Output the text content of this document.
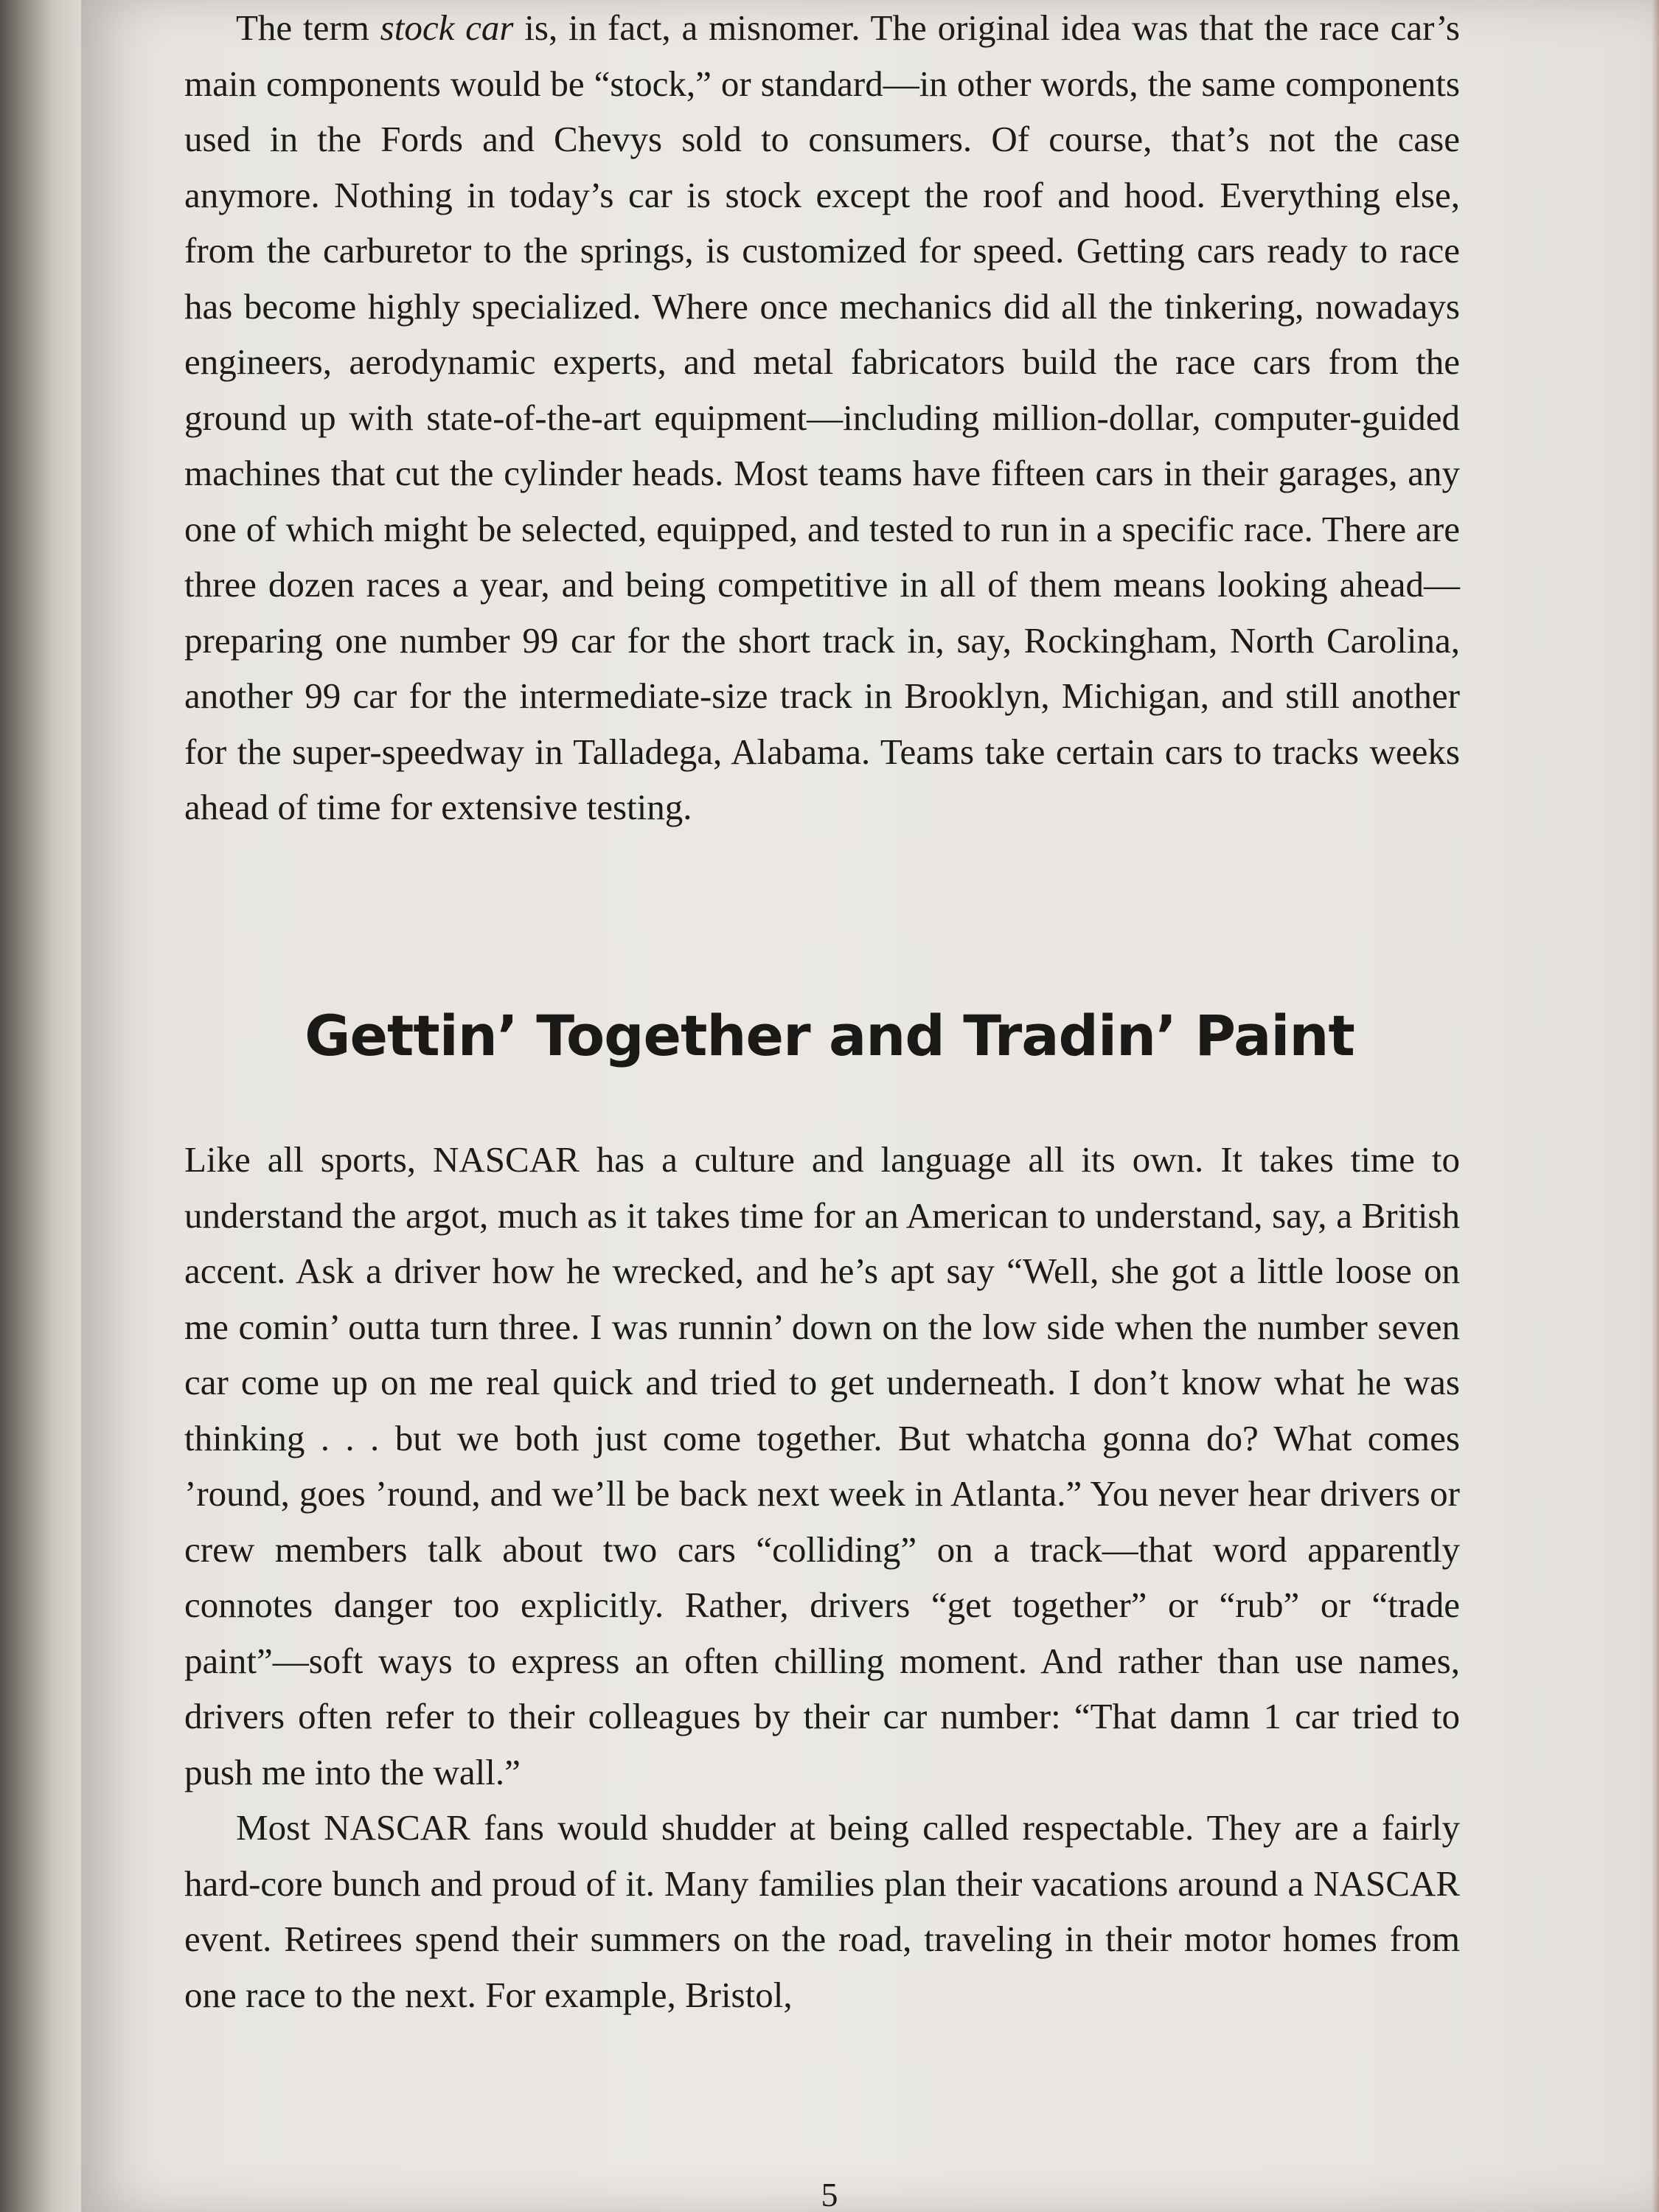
The term stock car is, in fact, a misnomer. The original idea was that the race car’s main components would be “stock,” or standard—in other words, the same components used in the Fords and Chevys sold to consumers. Of course, that’s not the case anymore. Nothing in today’s car is stock except the roof and hood. Everything else, from the carburetor to the springs, is customized for speed. Getting cars ready to race has become highly specialized. Where once mechanics did all the tinkering, nowadays engineers, aerodynamic experts, and metal fabricators build the race cars from the ground up with state-of-the-art equipment—including million-dollar, computer-guided machines that cut the cylinder heads. Most teams have fifteen cars in their garages, any one of which might be selected, equipped, and tested to run in a specific race. There are three dozen races a year, and being competitive in all of them means looking ahead—preparing one number 99 car for the short track in, say, Rockingham, North Carolina, another 99 car for the intermediate-size track in Brooklyn, Michigan, and still another for the super-speedway in Talladega, Alabama. Teams take certain cars to tracks weeks ahead of time for extensive testing.

Gettin’ Together and Tradin’ Paint

Like all sports, NASCAR has a culture and language all its own. It takes time to understand the argot, much as it takes time for an American to understand, say, a British accent. Ask a driver how he wrecked, and he’s apt say “Well, she got a little loose on me comin’ outta turn three. I was runnin’ down on the low side when the number seven car come up on me real quick and tried to get underneath. I don’t know what he was thinking . . . but we both just come together. But whatcha gonna do? What comes ’round, goes ’round, and we’ll be back next week in Atlanta.” You never hear drivers or crew members talk about two cars “colliding” on a track—that word apparently connotes danger too explicitly. Rather, drivers “get together” or “rub” or “trade paint”—soft ways to express an often chilling moment. And rather than use names, drivers often refer to their colleagues by their car number: “That damn 1 car tried to push me into the wall.”

Most NASCAR fans would shudder at being called respectable. They are a fairly hard-core bunch and proud of it. Many families plan their vacations around a NASCAR event. Retirees spend their summers on the road, traveling in their motor homes from one race to the next. For example, Bristol,

5
